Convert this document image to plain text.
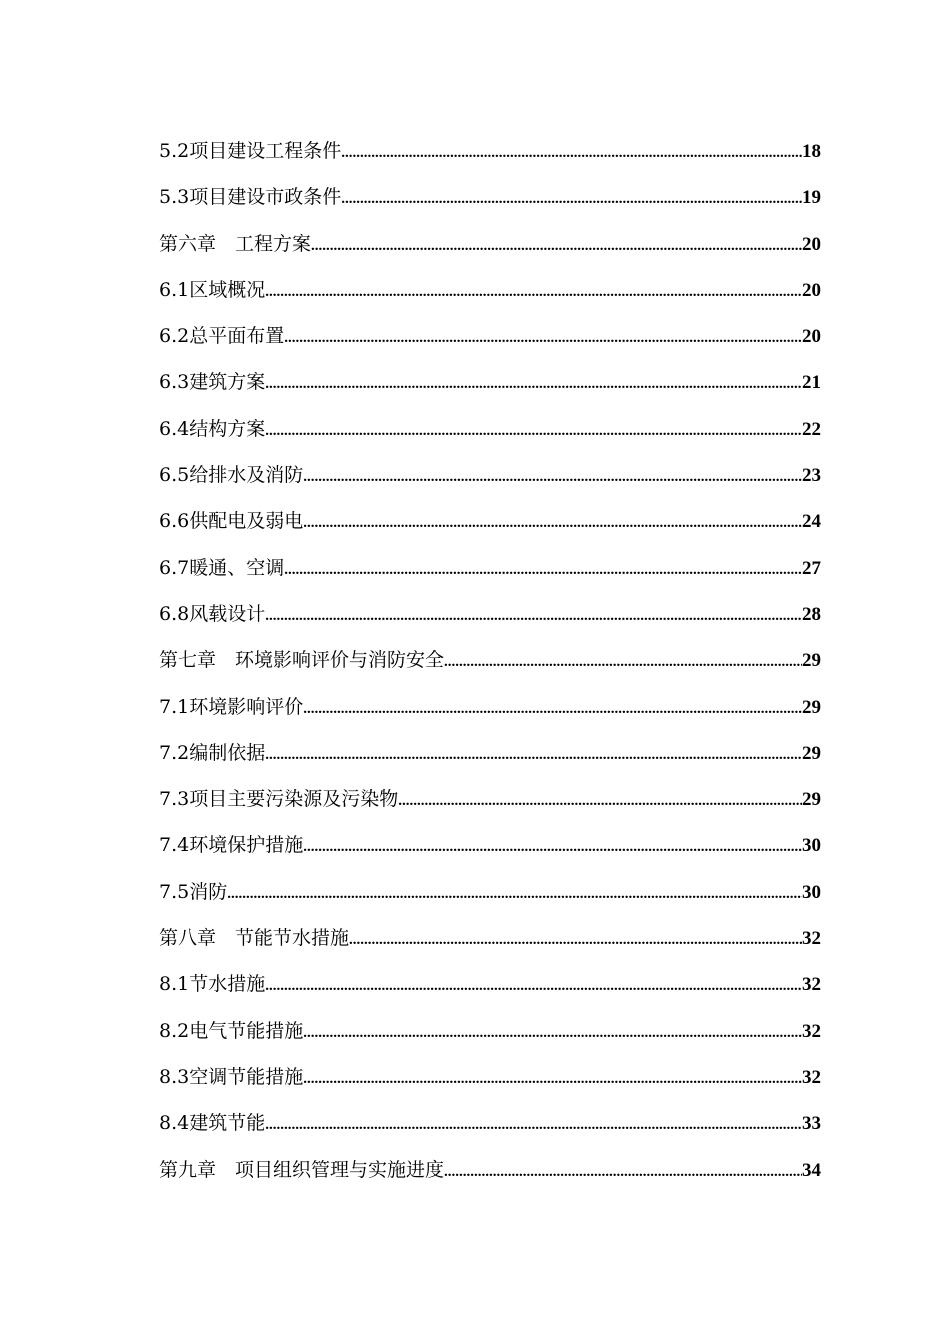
5.2项目建设工程条件 .....	18
5.3项目建设市政条件 .....	19
第六章　工程方案 .....	20
6.1区域概况 .....	20
6.2总平面布置 .....	20
6.3建筑方案 .....	21
6.4结构方案 .....	22
6.5给排水及消防 .....	23
6.6供配电及弱电 .....	24
6.7暖通、空调 .....	27
6.8风载设计 .....	28
第七章　环境影响评价与消防安全 .....	29
7.1环境影响评价 .....	29
7.2编制依据 .....	29
7.3项目主要污染源及污染物 .....	29
7.4环境保护措施 .....	30
7.5消防 .....	30
第八章　节能节水措施 .....	32
8.1节水措施 .....	32
8.2电气节能措施 .....	32
8.3空调节能措施 .....	32
8.4建筑节能 .....	33
第九章　项目组织管理与实施进度 .....	34
